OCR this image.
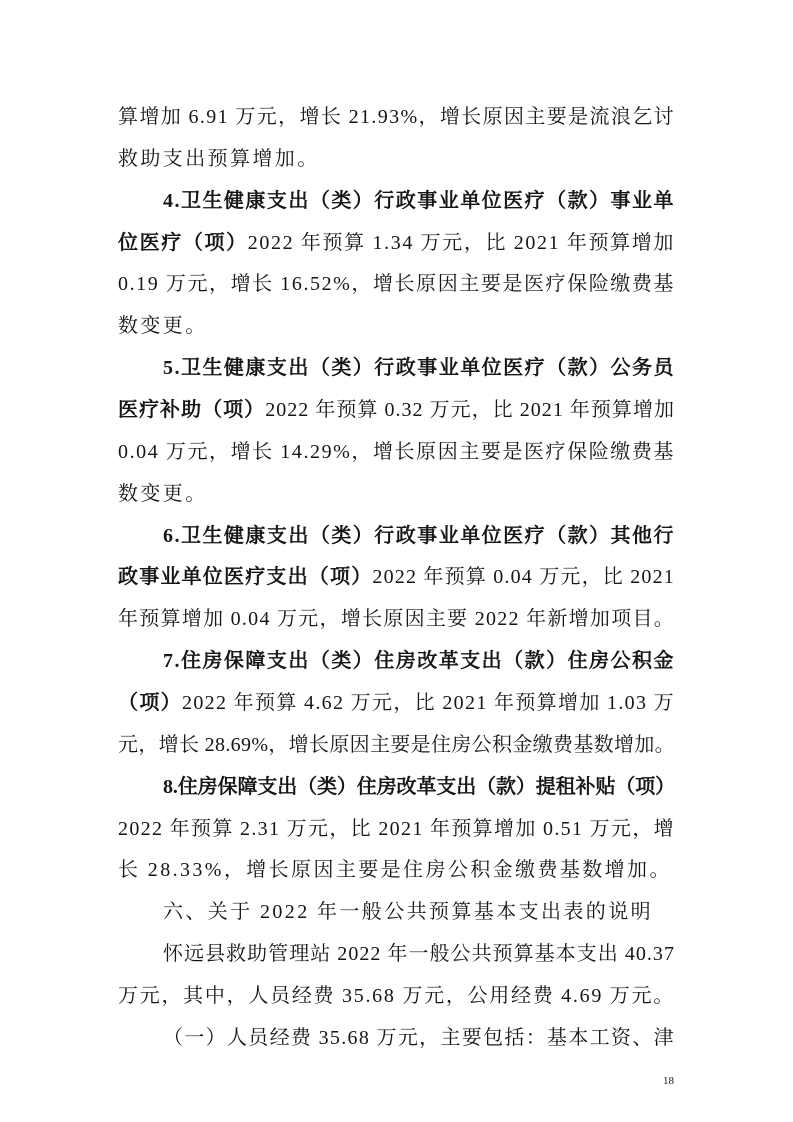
算增加 6.91 万元，增长 21.93%，增长原因主要是流浪乞讨
救助支出预算增加。
4.卫生健康支出（类）行政事业单位医疗（款）事业单
位医疗（项）2022 年预算 1.34 万元，比 2021 年预算增加
0.19 万元，增长 16.52%，增长原因主要是医疗保险缴费基
数变更。
5.卫生健康支出（类）行政事业单位医疗（款）公务员
医疗补助（项）2022 年预算 0.32 万元，比 2021 年预算增加
0.04 万元，增长 14.29%，增长原因主要是医疗保险缴费基
数变更。
6.卫生健康支出（类）行政事业单位医疗（款）其他行
政事业单位医疗支出（项）2022 年预算 0.04 万元，比 2021
年预算增加 0.04 万元，增长原因主要 2022 年新增加项目。
7.住房保障支出（类）住房改革支出（款）住房公积金
（项）2022 年预算 4.62 万元，比 2021 年预算增加 1.03 万
元，增长 28.69%，增长原因主要是住房公积金缴费基数增加。
8.住房保障支出（类）住房改革支出（款）提租补贴（项）
2022 年预算 2.31 万元，比 2021 年预算增加 0.51 万元，增
长 28.33%，增长原因主要是住房公积金缴费基数增加。
六、关于 2022 年一般公共预算基本支出表的说明
怀远县救助管理站 2022 年一般公共预算基本支出 40.37
万元，其中，人员经费 35.68 万元，公用经费 4.69 万元。
（一）人员经费 35.68 万元，主要包括：基本工资、津
18
